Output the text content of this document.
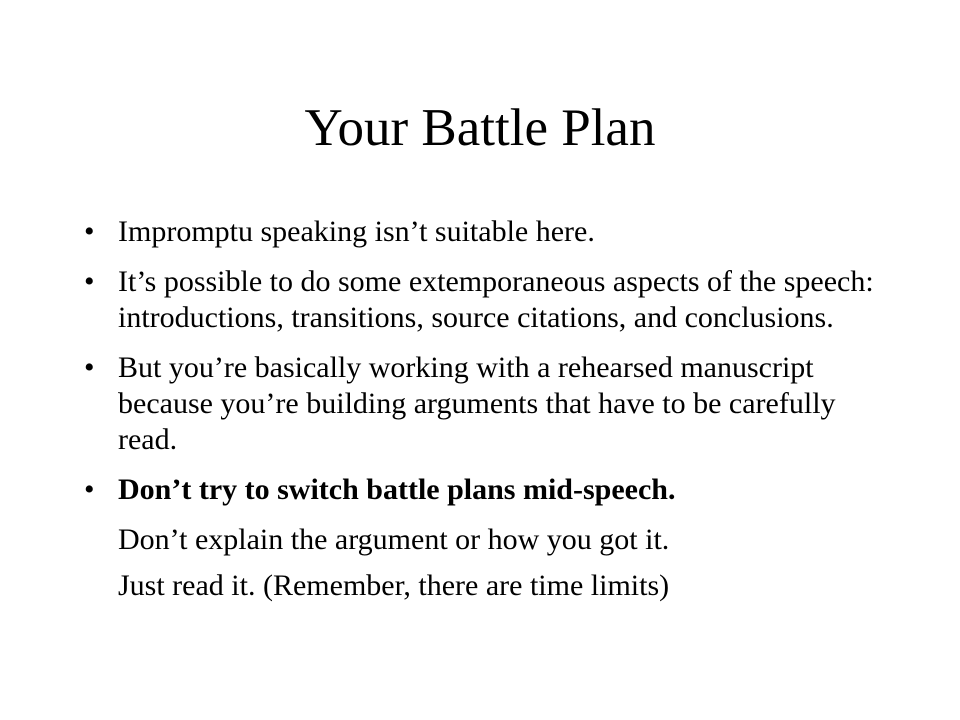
Your Battle Plan
• Impromptu speaking isn’t suitable here.
• It’s possible to do some extemporaneous aspects of the speech: introductions, transitions, source citations, and conclusions.
• But you’re basically working with a rehearsed manuscript because you’re building arguments that have to be carefully read.
• Don’t try to switch battle plans mid-speech.
Don’t explain the argument or how you got it.
Just read it. (Remember, there are time limits)
